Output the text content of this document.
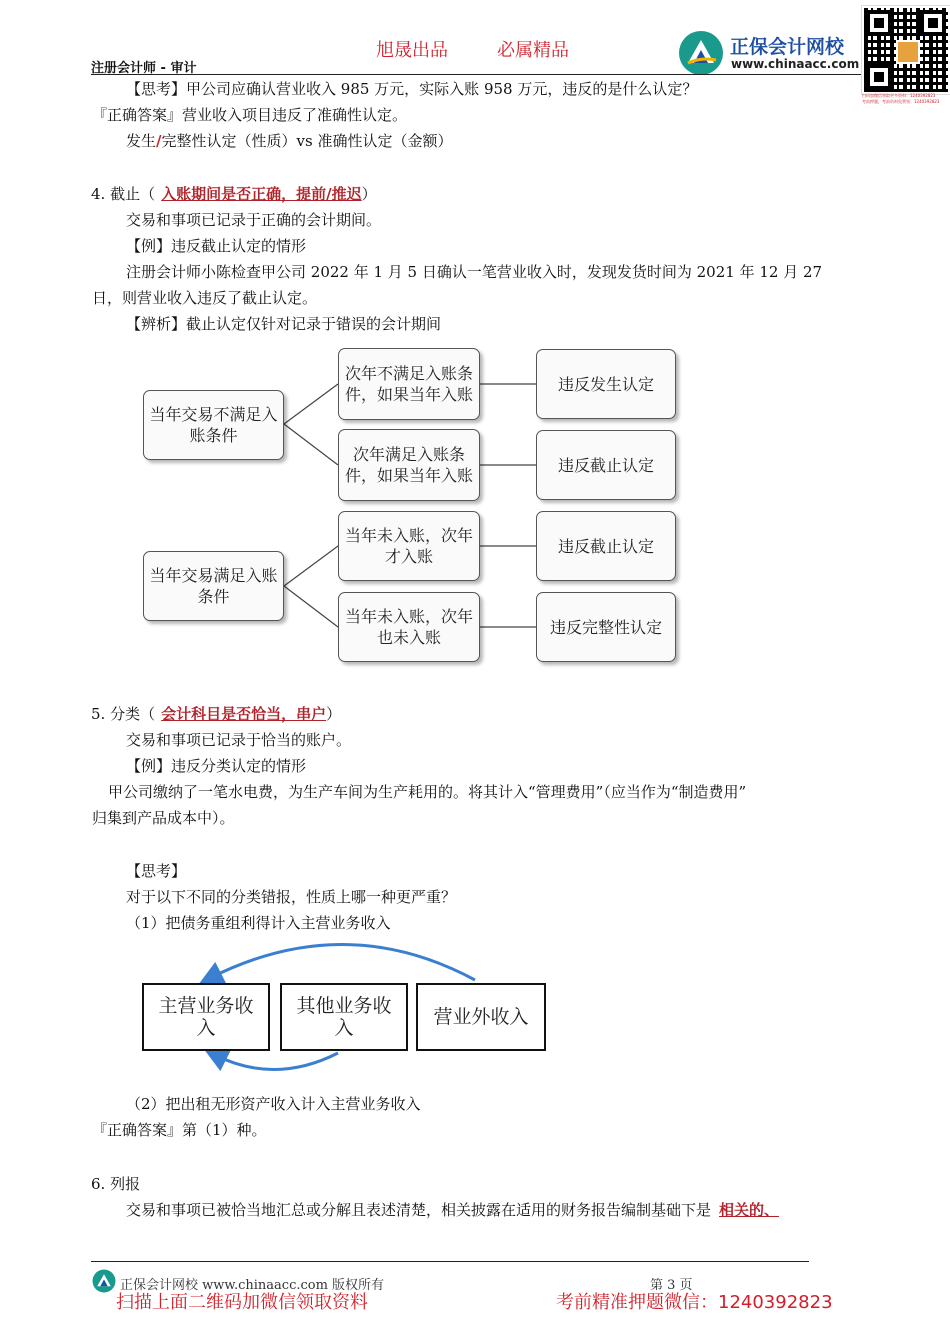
旭晟出品	必属精品
注册会计师 - 审计
正保会计网校
www.chinaacc.com
扫码加微信领取更多资料：1240392823
考前押题，考前资料免费领：1240392823
【思考】甲公司应确认营业收入 985 万元，实际入账 958 万元，违反的是什么认定？
『正确答案』营业收入项目违反了准确性认定。
发生/完整性认定（性质）vs 准确性认定（金额）
4. 截止（ 入账期间是否正确，提前/推迟）
交易和事项已记录于正确的会计期间。
【例】违反截止认定的情形
注册会计师小陈检查甲公司 2022 年 1 月 5 日确认一笔营业收入时，发现发货时间为 2021 年 12 月 27
日，则营业收入违反了截止认定。
【辨析】截止认定仅针对记录于错误的会计期间
当年交易不满足入账条件
当年交易满足入账条件
次年不满足入账条件，如果当年入账
次年满足入账条件，如果当年入账
当年未入账，次年才入账
当年未入账，次年也未入账
违反发生认定
违反截止认定
违反截止认定
违反完整性认定
5. 分类（ 会计科目是否恰当，串户）
交易和事项已记录于恰当的账户。
【例】违反分类认定的情形
甲公司缴纳了一笔水电费，为生产车间为生产耗用的。将其计入“管理费用”（应当作为“制造费用”
归集到产品成本中）。
【思考】
对于以下不同的分类错报，性质上哪一种更严重？
（1）把债务重组利得计入主营业务收入
主营业务收入
其他业务收入	营业外收入
（2）把出租无形资产收入计入主营业务收入
『正确答案』第（1）种。
6. 列报
交易和事项已被恰当地汇总或分解且表述清楚，相关披露在适用的财务报告编制基础下是 相关的、
正保会计网校 www.chinaacc.com 版权所有	第 3 页
扫描上面二维码加微信领取资料	考前精准押题微信：1240392823
